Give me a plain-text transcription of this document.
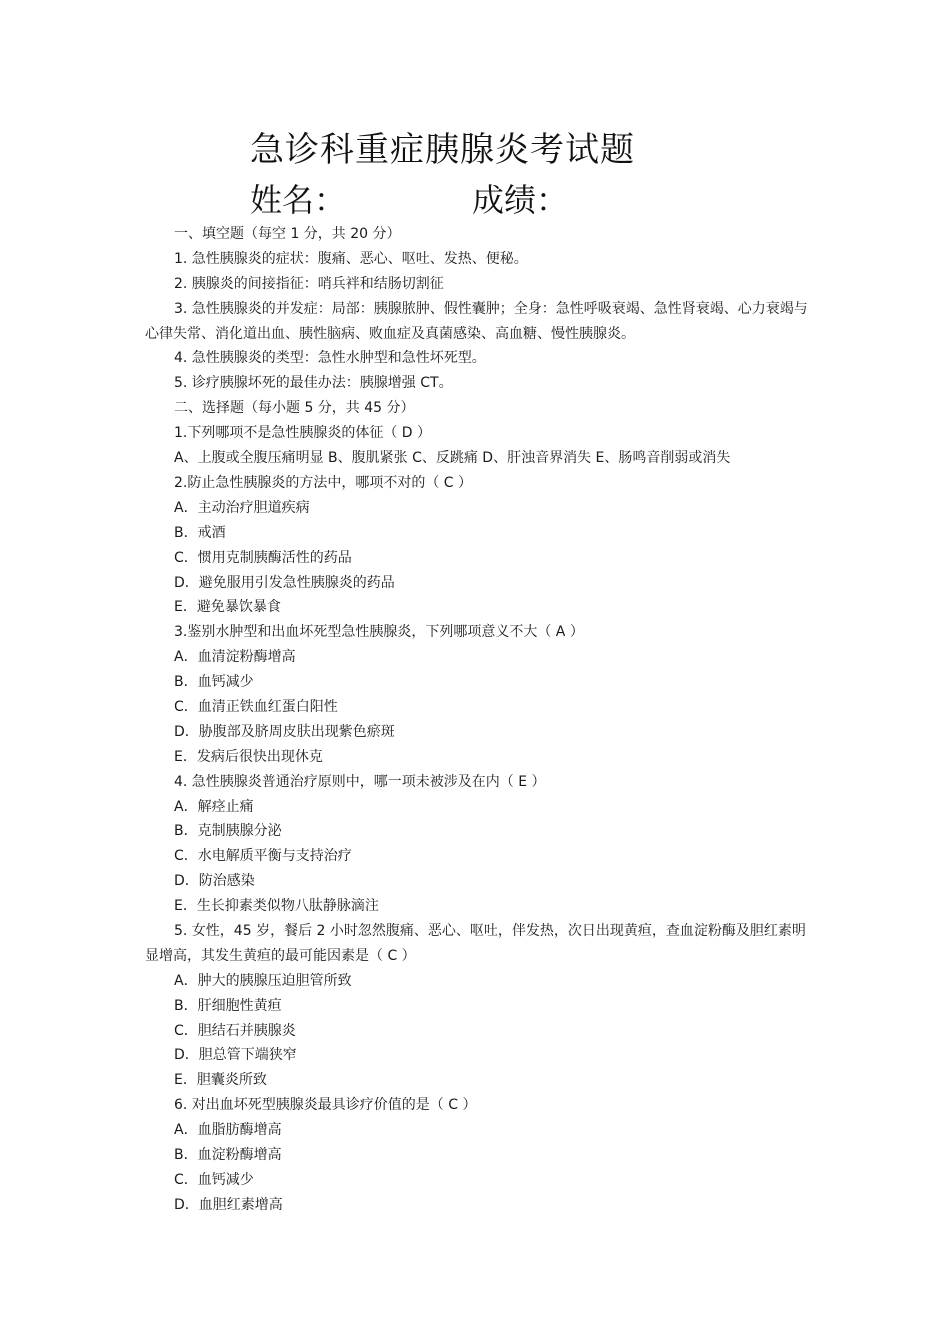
急诊科重症胰腺炎考试题
姓名：	成绩：
一、填空题（每空 1 分，共 20 分）
1. 急性胰腺炎的症状：腹痛、恶心、呕吐、发热、便秘。
2. 胰腺炎的间接指征：哨兵袢和结肠切割征
3. 急性胰腺炎的并发症：局部：胰腺脓肿、假性囊肿；全身：急性呼吸衰竭、急性肾衰竭、心力衰竭与心律失常、消化道出血、胰性脑病、败血症及真菌感染、高血糖、慢性胰腺炎。
4. 急性胰腺炎的类型：急性水肿型和急性坏死型。
5. 诊疗胰腺坏死的最佳办法：胰腺增强 CT。
二、选择题（每小题 5 分，共 45 分）
1.下列哪项不是急性胰腺炎的体征（ D ）
A、上腹或全腹压痛明显 B、腹肌紧张 C、反跳痛 D、肝浊音界消失 E、肠鸣音削弱或消失
2.防止急性胰腺炎的方法中，哪项不对的（ C ）
A．主动治疗胆道疾病
B．戒酒
C．惯用克制胰酶活性的药品
D．避免服用引发急性胰腺炎的药品
E．避免暴饮暴食
3.鉴别水肿型和出血坏死型急性胰腺炎，下列哪项意义不大（ A ）
A．血清淀粉酶增高
B．血钙减少
C．血清正铁血红蛋白阳性
D．胁腹部及脐周皮肤出现紫色瘀斑
E．发病后很快出现休克
4. 急性胰腺炎普通治疗原则中，哪一项未被涉及在内（ E ）
A．解痉止痛
B．克制胰腺分泌
C．水电解质平衡与支持治疗
D．防治感染
E．生长抑素类似物八肽静脉滴注
5. 女性，45 岁，餐后 2 小时忽然腹痛、恶心、呕吐，伴发热，次日出现黄疸，查血淀粉酶及胆红素明显增高，其发生黄疸的最可能因素是（ C ）
A．肿大的胰腺压迫胆管所致
B．肝细胞性黄疸
C．胆结石并胰腺炎
D．胆总管下端狭窄
E．胆囊炎所致
6. 对出血坏死型胰腺炎最具诊疗价值的是（ C ）
A．血脂肪酶增高
B．血淀粉酶增高
C．血钙减少
D．血胆红素增高
